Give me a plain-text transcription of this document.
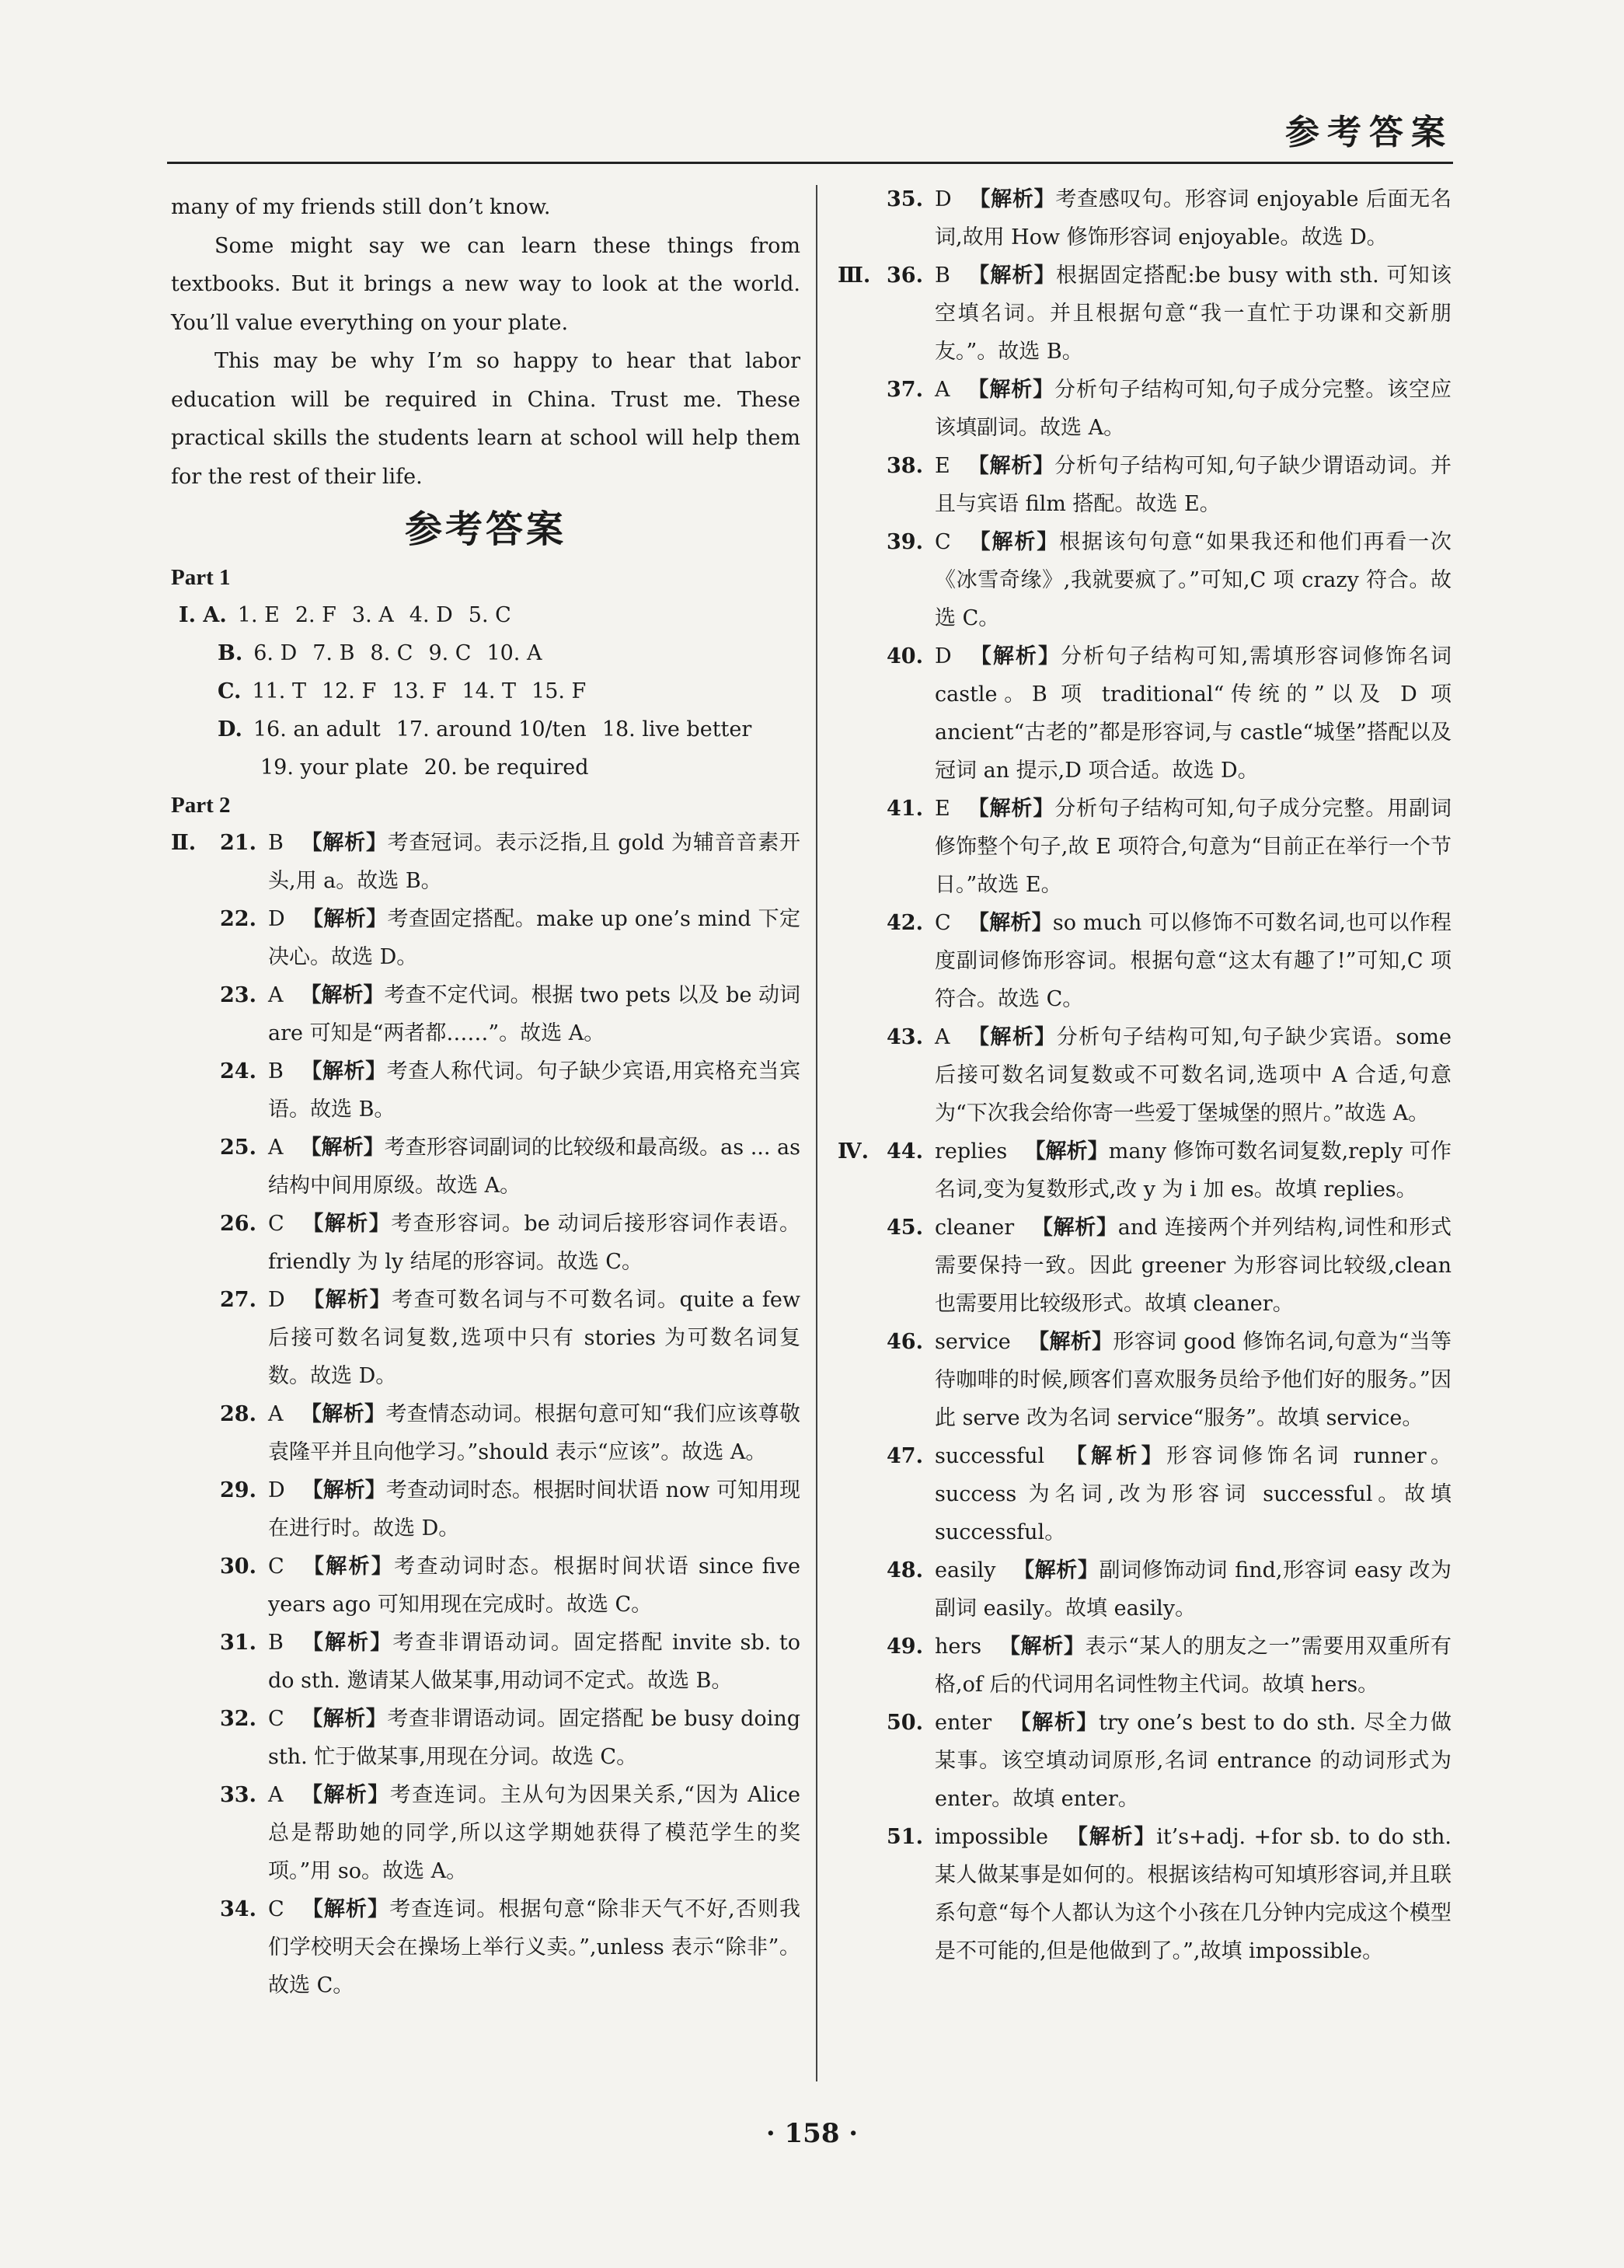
参考答案

many of my friends still don’t know.

Some might say we can learn these things from textbooks. But it brings a new way to look at the world. You’ll value everything on your plate.

This may be why I’m so happy to hear that labor education will be required in China. Trust me. These practical skills the students learn at school will help them for the rest of their life.

参考答案
Part 1
Ⅰ. A. 1. E 2. F 3. A 4. D 5. C
B. 6. D 7. B 8. C 9. C 10. A
C. 11. T 12. F 13. F 14. T 15. F
D. 16. an adult 17. around 10/ten 18. live better
19. your plate 20. be required
Part 2
Ⅱ.	21. B 【解析】考查冠词。表示泛指,且 gold 为辅音音素开头,用 a。故选 B。
22. D 【解析】考查固定搭配。make up one’s mind 下定决心。故选 D。
23. A 【解析】考查不定代词。根据 two pets 以及 be 动词 are 可知是“两者都……”。故选 A。
24. B 【解析】考查人称代词。句子缺少宾语,用宾格充当宾语。故选 B。
25. A 【解析】考查形容词副词的比较级和最高级。as ... as结构中间用原级。故选 A。
26. C 【解析】考查形容词。be 动词后接形容词作表语。friendly 为 ly 结尾的形容词。故选 C。
27. D 【解析】考查可数名词与不可数名词。quite a few 后接可数名词复数,选项中只有 stories 为可数名词复数。故选 D。
28. A 【解析】考查情态动词。根据句意可知“我们应该尊敬袁隆平并且向他学习。”should 表示“应该”。故选 A。
29. D 【解析】考查动词时态。根据时间状语 now 可知用现在进行时。故选 D。
30. C 【解析】考查动词时态。根据时间状语 since five years ago 可知用现在完成时。故选 C。
31. B 【解析】考查非谓语动词。固定搭配 invite sb. to do sth. 邀请某人做某事,用动词不定式。故选 B。
32. C 【解析】考查非谓语动词。固定搭配 be busy doing sth. 忙于做某事,用现在分词。故选 C。
33. A 【解析】考查连词。主从句为因果关系,“因为 Alice 总是帮助她的同学,所以这学期她获得了模范学生的奖项。”用 so。故选 A。
34. C 【解析】考查连词。根据句意“除非天气不好,否则我们学校明天会在操场上举行义卖。”,unless 表示“除非”。故选 C。
35. D 【解析】考查感叹句。形容词 enjoyable 后面无名词,故用 How 修饰形容词 enjoyable。故选 D。
Ⅲ. 36. B 【解析】根据固定搭配:be busy with sth. 可知该空填名词。并且根据句意“我一直忙于功课和交新朋友。”。故选 B。
37. A 【解析】分析句子结构可知,句子成分完整。该空应该填副词。故选 A。
38. E 【解析】分析句子结构可知,句子缺少谓语动词。并且与宾语 film 搭配。故选 E。
39. C 【解析】根据该句句意“如果我还和他们再看一次《冰雪奇缘》,我就要疯了。”可知,C 项 crazy 符合。故选 C。
40. D 【解析】分析句子结构可知,需填形容词修饰名词 castle。B 项 traditional“传统的”以及 D 项 ancient“古老的”都是形容词,与 castle“城堡”搭配以及冠词 an 提示,D 项合适。故选 D。
41. E 【解析】分析句子结构可知,句子成分完整。用副词修饰整个句子,故 E 项符合,句意为“目前正在举行一个节日。”故选 E。
42. C 【解析】so much 可以修饰不可数名词,也可以作程度副词修饰形容词。根据句意“这太有趣了!”可知,C 项符合。故选 C。
43. A 【解析】分析句子结构可知,句子缺少宾语。some 后接可数名词复数或不可数名词,选项中 A 合适,句意为“下次我会给你寄一些爱丁堡城堡的照片。”故选 A。
Ⅳ. 44. replies 【解析】many 修饰可数名词复数,reply 可作名词,变为复数形式,改 y 为 i 加 es。故填 replies。
45. cleaner 【解析】and 连接两个并列结构,词性和形式需要保持一致。因此 greener 为形容词比较级,clean 也需要用比较级形式。故填 cleaner。
46. service 【解析】形容词 good 修饰名词,句意为“当等待咖啡的时候,顾客们喜欢服务员给予他们好的服务。”因此 serve 改为名词 service“服务”。故填 service。
47. successful 【解析】形容词修饰名词 runner。success 为名词,改为形容词 successful。故填 successful。
48. easily 【解析】副词修饰动词 find,形容词 easy 改为副词 easily。故填 easily。
49. hers 【解析】表示“某人的朋友之一”需要用双重所有格,of 后的代词用名词性物主代词。故填 hers。
50. enter 【解析】try one’s best to do sth. 尽全力做某事。该空填动词原形,名词 entrance 的动词形式为 enter。故填 enter。
51. impossible 【解析】it’s+adj. +for sb. to do sth. 某人做某事是如何的。根据该结构可知填形容词,并且联系句意“每个人都认为这个小孩在几分钟内完成这个模型是不可能的,但是他做到了。”,故填 impossible。
· 158 ·
